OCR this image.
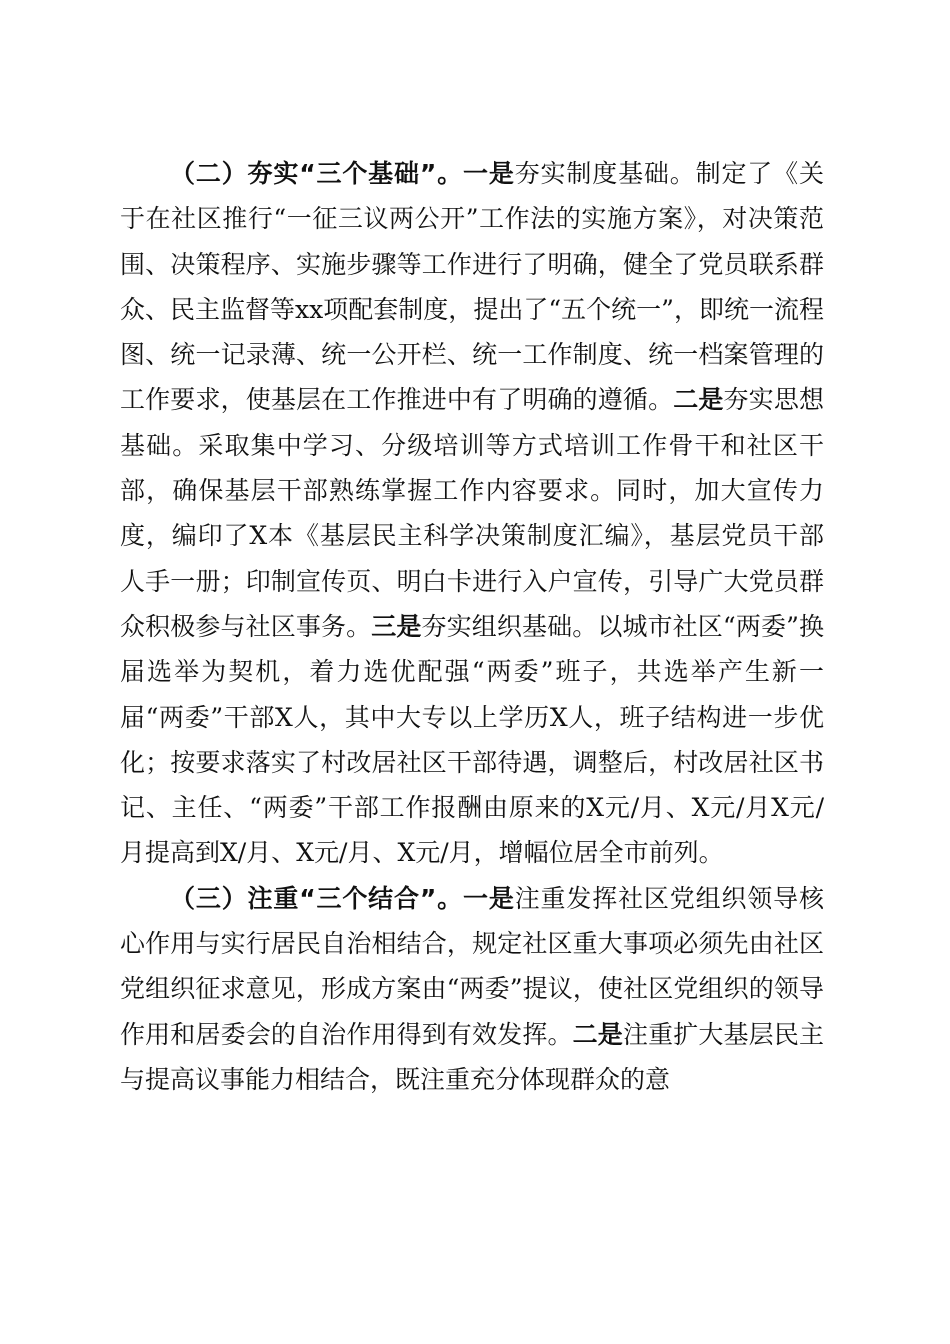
（二）夯实“三个基础”。一是夯实制度基础。制定了《关于在社区推行“一征三议两公开”工作法的实施方案》，对决策范围、决策程序、实施步骤等工作进行了明确，健全了党员联系群众、民主监督等xx项配套制度，提出了“五个统一”，即统一流程图、统一记录薄、统一公开栏、统一工作制度、统一档案管理的工作要求，使基层在工作推进中有了明确的遵循。二是夯实思想基础。采取集中学习、分级培训等方式培训工作骨干和社区干部，确保基层干部熟练掌握工作内容要求。同时，加大宣传力度，编印了X本《基层民主科学决策制度汇编》，基层党员干部人手一册；印制宣传页、明白卡进行入户宣传，引导广大党员群众积极参与社区事务。三是夯实组织基础。以城市社区“两委”换届选举为契机，着力选优配强“两委”班子，共选举产生新一届“两委”干部X人，其中大专以上学历X人，班子结构进一步优化；按要求落实了村改居社区干部待遇，调整后，村改居社区书记、主任、“两委”干部工作报酬由原来的X元/月、X元/月X元/月提高到X/月、X元/月、X元/月，增幅位居全市前列。

（三）注重“三个结合”。一是注重发挥社区党组织领导核心作用与实行居民自治相结合，规定社区重大事项必须先由社区党组织征求意见，形成方案由“两委”提议，使社区党组织的领导作用和居委会的自治作用得到有效发挥。二是注重扩大基层民主与提高议事能力相结合，既注重充分体现群众的意
